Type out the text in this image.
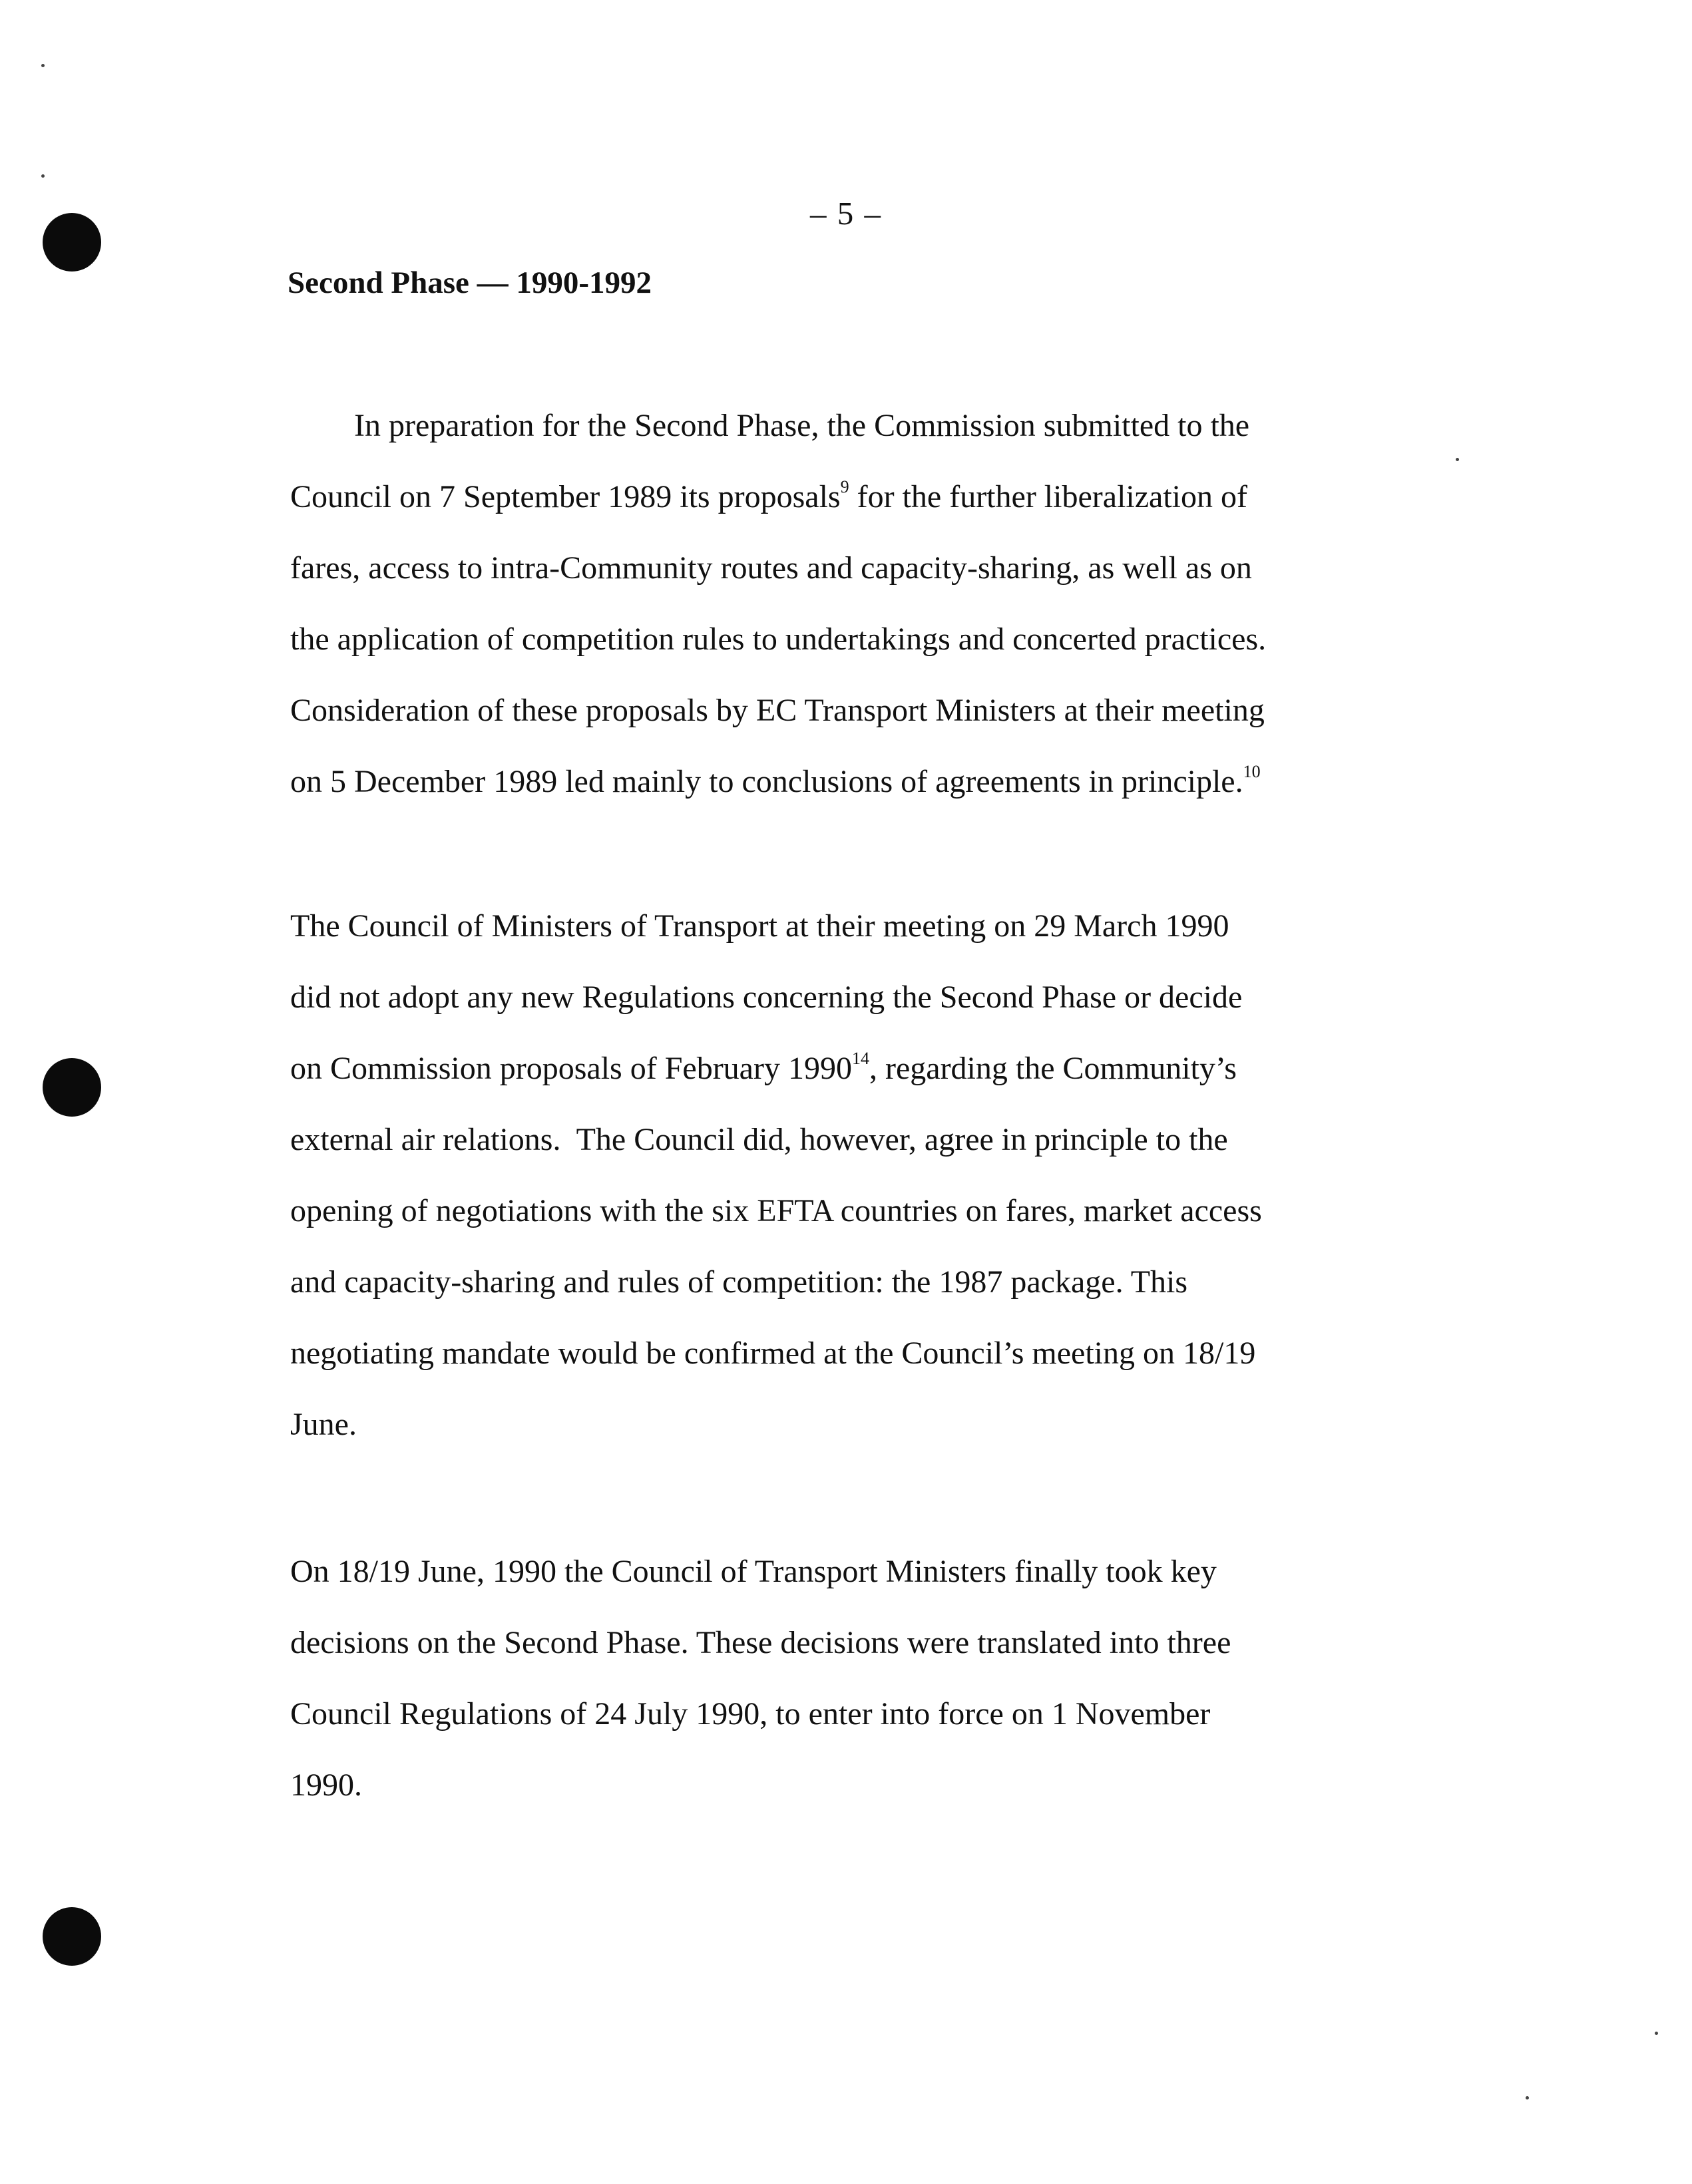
– 5 –
Second Phase — 1990-1992
In preparation for the Second Phase, the Commission submitted to the
Council on 7 September 1989 its proposals$^9$ for the further liberalization of
fares, access to intra-Community routes and capacity-sharing, as well as on
the application of competition rules to undertakings and concerted practices.
Consideration of these proposals by EC Transport Ministers at their meeting
on 5 December 1989 led mainly to conclusions of agreements in principle.$^{10}$
The Council of Ministers of Transport at their meeting on 29 March 1990
did not adopt any new Regulations concerning the Second Phase or decide
on Commission proposals of February 1990$^{14}$, regarding the Community’s
external air relations.  The Council did, however, agree in principle to the
opening of negotiations with the six EFTA countries on fares, market access
and capacity-sharing and rules of competition: the 1987 package. This
negotiating mandate would be confirmed at the Council’s meeting on 18/19
June.
On 18/19 June, 1990 the Council of Transport Ministers finally took key
decisions on the Second Phase. These decisions were translated into three
Council Regulations of 24 July 1990, to enter into force on 1 November
1990.
